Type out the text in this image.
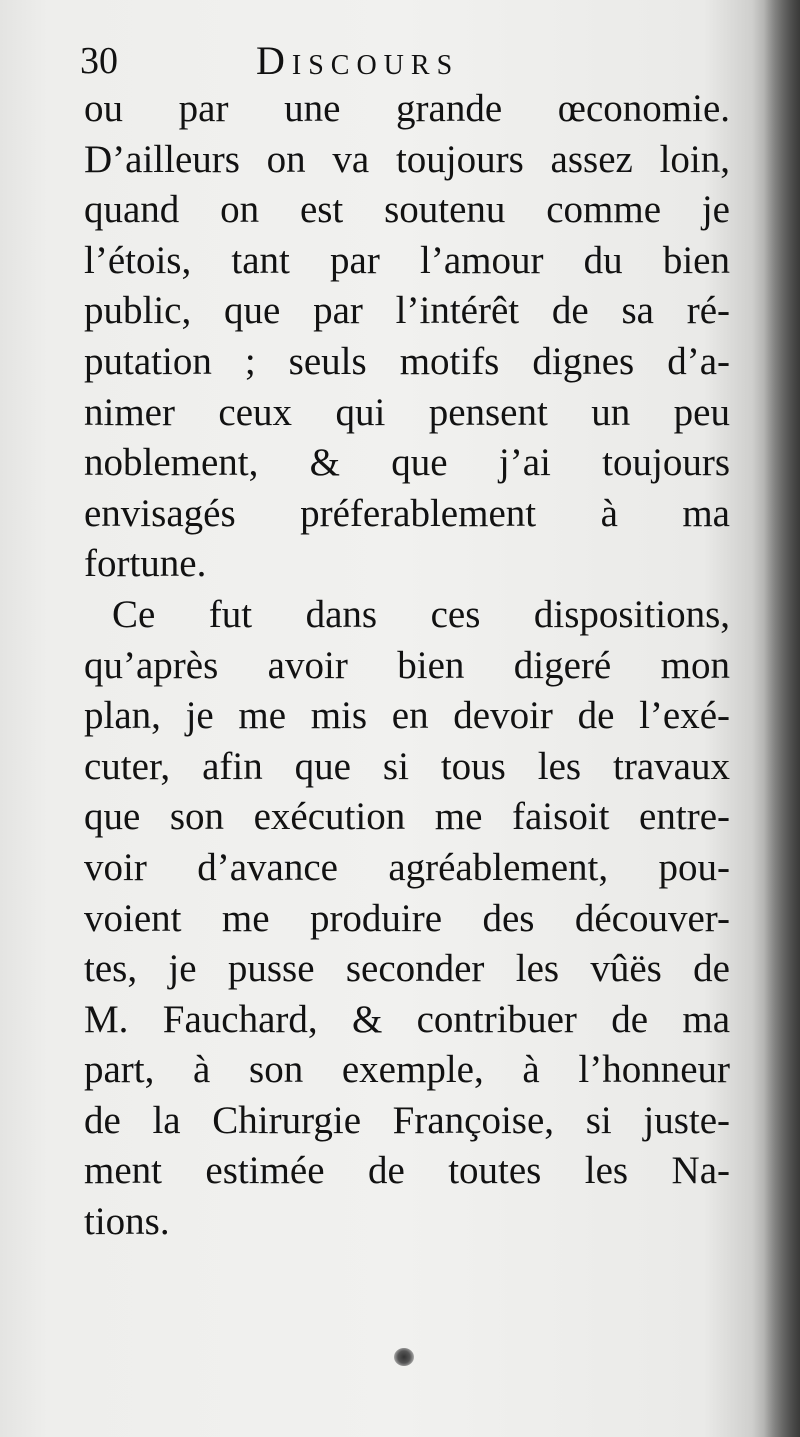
30	Discours
ou par une grande œconomie.
D’ailleurs on va toujours assez loin,
quand on est soutenu comme je
l’étois, tant par l’amour du bien
public, que par l’intérêt de sa ré-
putation ; seuls motifs dignes d’a-
nimer ceux qui pensent un peu
noblement, & que j’ai toujours
envisagés préferablement à ma
fortune.
Ce fut dans ces dispositions,
qu’après avoir bien digeré mon
plan, je me mis en devoir de l’exé-
cuter, afin que si tous les travaux
que son exécution me faisoit entre-
voir d’avance agréablement, pou-
voient me produire des découver-
tes, je pusse seconder les vûës de
M. Fauchard, & contribuer de ma
part, à son exemple, à l’honneur
de la Chirurgie Françoise, si juste-
ment estimée de toutes les Na-
tions.
